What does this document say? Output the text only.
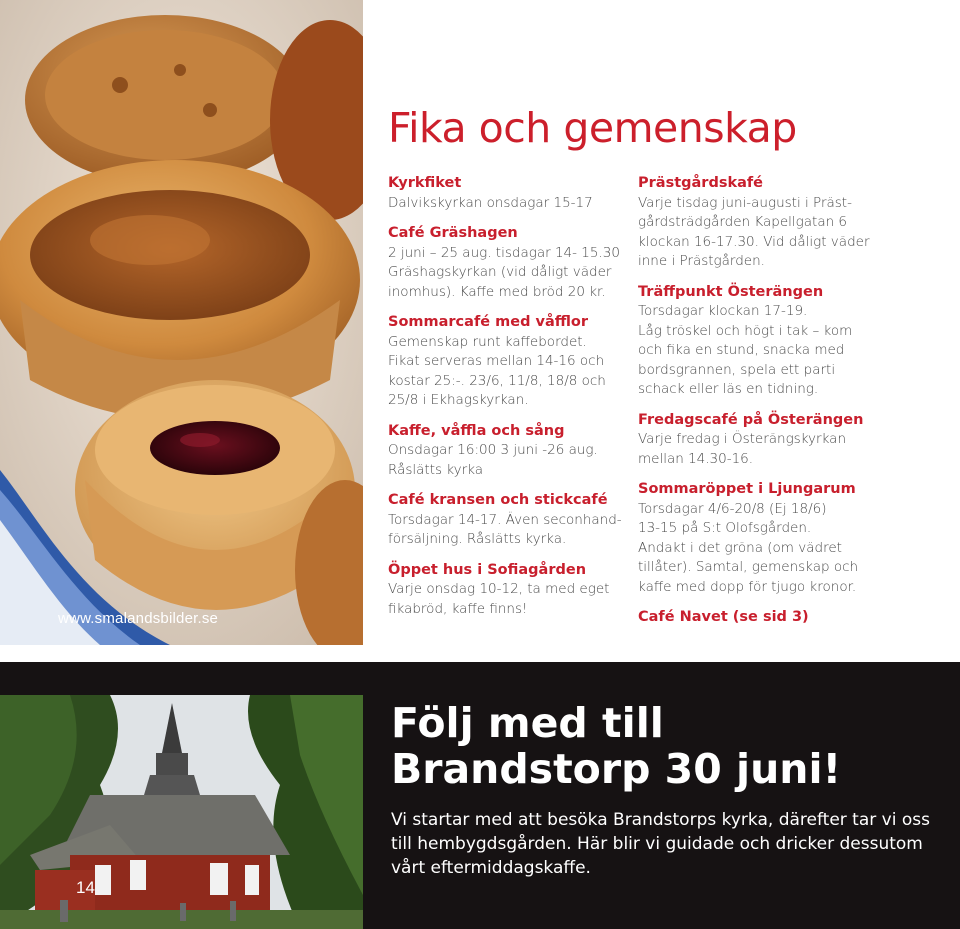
www.smalandsbilder.se
Fika och gemenskap
Kyrkfiket

Dalvikskyrkan onsdagar 15-17

Café Gräshagen

2 juni – 25 aug. tisdagar 14- 15.30
Gräshagskyrkan (vid dåligt väder
inomhus). Kaffe med bröd 20 kr.

Sommarcafé med våfflor

Gemenskap runt kaffebordet.
Fikat serveras mellan 14-16 och
kostar 25:-. 23/6, 11/8, 18/8 och
25/8 i Ekhagskyrkan.

Kaffe, våffla och sång

Onsdagar 16:00 3 juni -26 aug.
Råslätts kyrka

Café kransen och stickcafé

Torsdagar 14-17. Även seconhand-
försäljning. Råslätts kyrka.

Öppet hus i Sofiagården

Varje onsdag 10-12, ta med eget
fikabröd, kaffe finns!

Prästgårdskafé

Varje tisdag juni-augusti i Präst-
gårdsträdgården Kapellgatan 6
klockan 16-17.30. Vid dåligt väder
inne i Prästgården.

Träffpunkt Österängen

Torsdagar klockan 17-19.
Låg tröskel och högt i tak – kom
och fika en stund, snacka med
bordsgrannen, spela ett parti
schack eller läs en tidning.

Fredagscafé på Österängen

Varje fredag i Österängskyrkan
mellan 14.30-16.

Sommaröppet i Ljungarum

Torsdagar 4/6-20/8 (Ej 18/6)
13-15 på S:t Olofsgården.
Andakt i det gröna (om vädret
tillåter). Samtal, gemenskap och
kaffe med dopp för tjugo kronor.

Café Navet (se sid 3)
14
Följ med till
Brandstorp 30 juni!

Vi startar med att besöka Brandstorps kyrka, därefter tar vi oss
till hembygdsgården. Här blir vi guidade och dricker dessutom
vårt eftermiddagskaffe.
